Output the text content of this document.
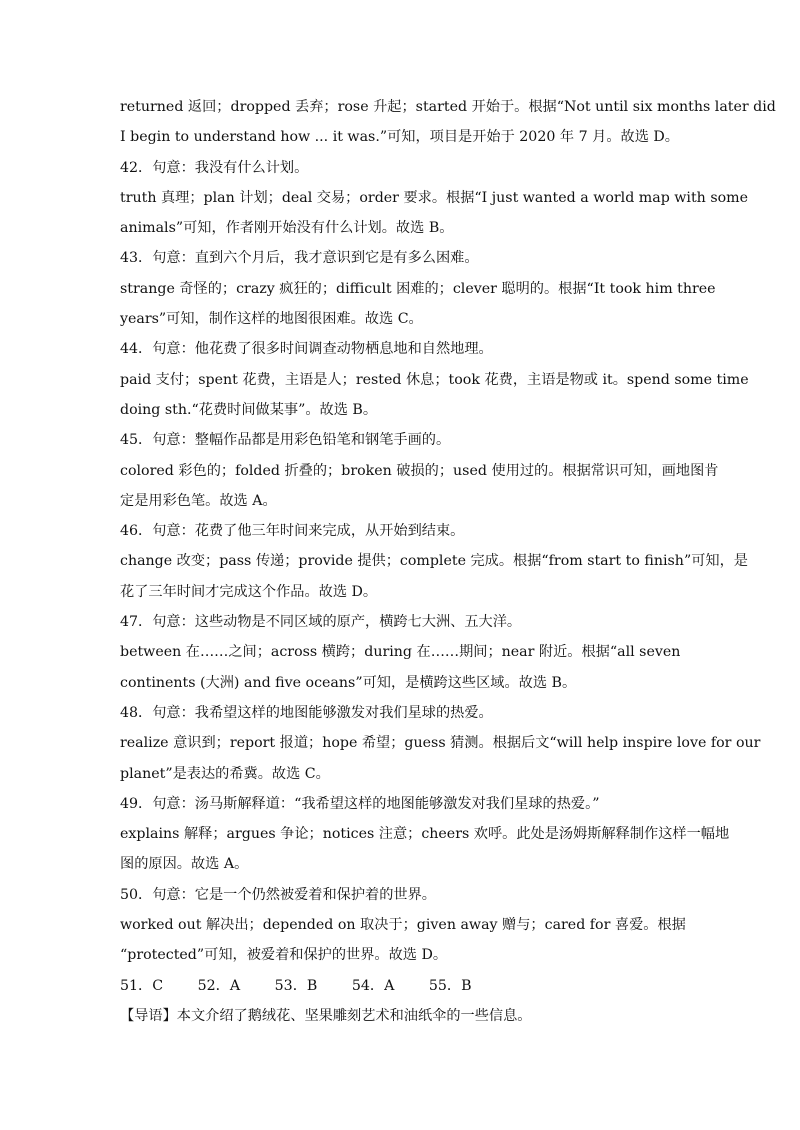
returned 返回；dropped 丢弃；rose 升起；started 开始于。根据“Not until six months later did
I begin to understand how ... it was.”可知，项目是开始于 2020 年 7 月。故选 D。
42．句意：我没有什么计划。
truth 真理；plan 计划；deal 交易；order 要求。根据“I just wanted a world map with some
animals”可知，作者刚开始没有什么计划。故选 B。
43．句意：直到六个月后，我才意识到它是有多么困难。
strange 奇怪的；crazy 疯狂的；difficult 困难的；clever 聪明的。根据“It took him three
years”可知，制作这样的地图很困难。故选 C。
44．句意：他花费了很多时间调查动物栖息地和自然地理。
paid 支付；spent 花费，主语是人；rested 休息；took 花费，主语是物或 it。spend some time
doing sth.“花费时间做某事”。故选 B。
45．句意：整幅作品都是用彩色铅笔和钢笔手画的。
colored 彩色的；folded 折叠的；broken 破损的；used 使用过的。根据常识可知，画地图肯
定是用彩色笔。故选 A。
46．句意：花费了他三年时间来完成，从开始到结束。
change 改变；pass 传递；provide 提供；complete 完成。根据“from start to finish”可知，是
花了三年时间才完成这个作品。故选 D。
47．句意：这些动物是不同区域的原产，横跨七大洲、五大洋。
between 在……之间；across 横跨；during 在……期间；near 附近。根据“all seven
continents (大洲) and five oceans”可知，是横跨这些区域。故选 B。
48．句意：我希望这样的地图能够激发对我们星球的热爱。
realize 意识到；report 报道；hope 希望；guess 猜测。根据后文“will help inspire love for our
planet”是表达的希冀。故选 C。
49．句意：汤马斯解释道：“我希望这样的地图能够激发对我们星球的热爱。”
explains 解释；argues 争论；notices 注意；cheers 欢呼。此处是汤姆斯解释制作这样一幅地
图的原因。故选 A。
50．句意：它是一个仍然被爱着和保护着的世界。
worked out 解决出；depended on 取决于；given away 赠与；cared for 喜爱。根据
“protected”可知，被爱着和保护的世界。故选 D。
51．C 52．A 53．B 54．A 55．B
【导语】本文介绍了鹅绒花、坚果雕刻艺术和油纸伞的一些信息。
